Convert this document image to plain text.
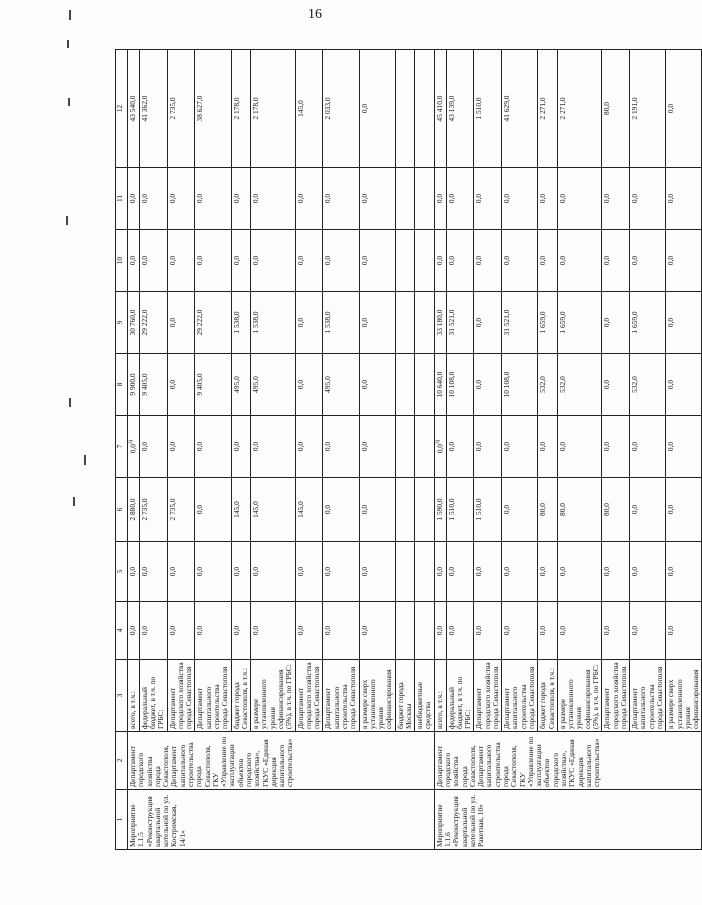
16
1	2	3	4	5	6	7	8	9	10	11	12
Мероприятие 1.1.5 «Реконструкция квартальной котельной по ул. Костромская, 14/1»	Департамент городского хозяйства города Севастополя, Департамент капитального строительства города Севастополя, ГКУ «Управление по эксплуатации объектов городского хозяйства», ГКУС «Единая дирекция капитального строительства»	всего, в т.ч.:	0,0	0,0	2 880,0	0,0$^{3)}$	9 900,0	30 760,0	0,0	0,0	43 540,0
		федеральный бюджет, в т.ч. по ГРБС:	0,0	0,0	2 735,0	0,0	9 405,0	29 222,0	0,0	0,0	41 362,0
		Департамент городского хозяйства города Севастополя	0,0	0,0	2 735,0	0,0	0,0	0,0	0,0	0,0	2 735,0
		Департамент капитального строительства города Севастополя	0,0	0,0	0,0	0,0	9 405,0	29 222,0	0,0	0,0	38 627,0
		бюджет города Севастополя, в т.ч.:	0,0	0,0	145,0	0,0	495,0	1 538,0	0,0	0,0	2 178,0
		в размере установленного уровня софинансирования (5%), в т.ч. по ГРБС:	0,0	0,0	145,0	0,0	495,0	1 538,0	0,0	0,0	2 178,0
		Департамент городского хозяйства города Севастополя	0,0	0,0	145,0	0,0	0,0	0,0	0,0	0,0	145,0
		Департамент капитального строительства города Севастополя	0,0	0,0	0,0	0,0	495,0	1 538,0	0,0	0,0	2 033,0
		в размере сверх установленного уровня софинансирования	0,0	0,0	0,0	0,0	0,0	0,0	0,0	0,0	0,0
		бюджет города Москвы									
		внебюджетные средства									
Мероприятие 1.1.6 «Реконструкция квартальной котельной по ул. Ракетная, 10»	Департамент городского хозяйства города Севастополя, Департамент капитального строительства города Севастополя, ГКУ «Управление по эксплуатации объектов городского хозяйства», ГКУС «Единая дирекция капитального строительства»	всего, в т.ч.:	0,0	0,0	1 590,0	0,0$^{3)}$	10 640,0	33 180,0	0,0	0,0	45 410,0
		федеральный бюджет, в т.ч. по ГРБС:	0,0	0,0	1 510,0	0,0	10 108,0	31 521,0	0,0	0,0	43 139,0
		Департамент городского хозяйства города Севастополя	0,0	0,0	1 510,0	0,0	0,0	0,0	0,0	0,0	1 510,0
		Департамент капитального строительства города Севастополя	0,0	0,0	0,0	0,0	10 108,0	31 521,0	0,0	0,0	41 629,0
		бюджет города Севастополя, в т.ч.:	0,0	0,0	80,0	0,0	532,0	1 659,0	0,0	0,0	2 271,0
		в размере установленного уровня софинансирования (5%), в т.ч. по ГРБС:	0,0	0,0	80,0	0,0	532,0	1 659,0	0,0	0,0	2 271,0
		Департамент городского хозяйства города Севастополя	0,0	0,0	80,0	0,0	0,0	0,0	0,0	0,0	80,0
		Департамент капитального строительства города Севастополя	0,0	0,0	0,0	0,0	532,0	1 659,0	0,0	0,0	2 191,0
		в размере сверх установленного уровня софинансирования	0,0	0,0	0,0	0,0	0,0	0,0	0,0	0,0	0,0
